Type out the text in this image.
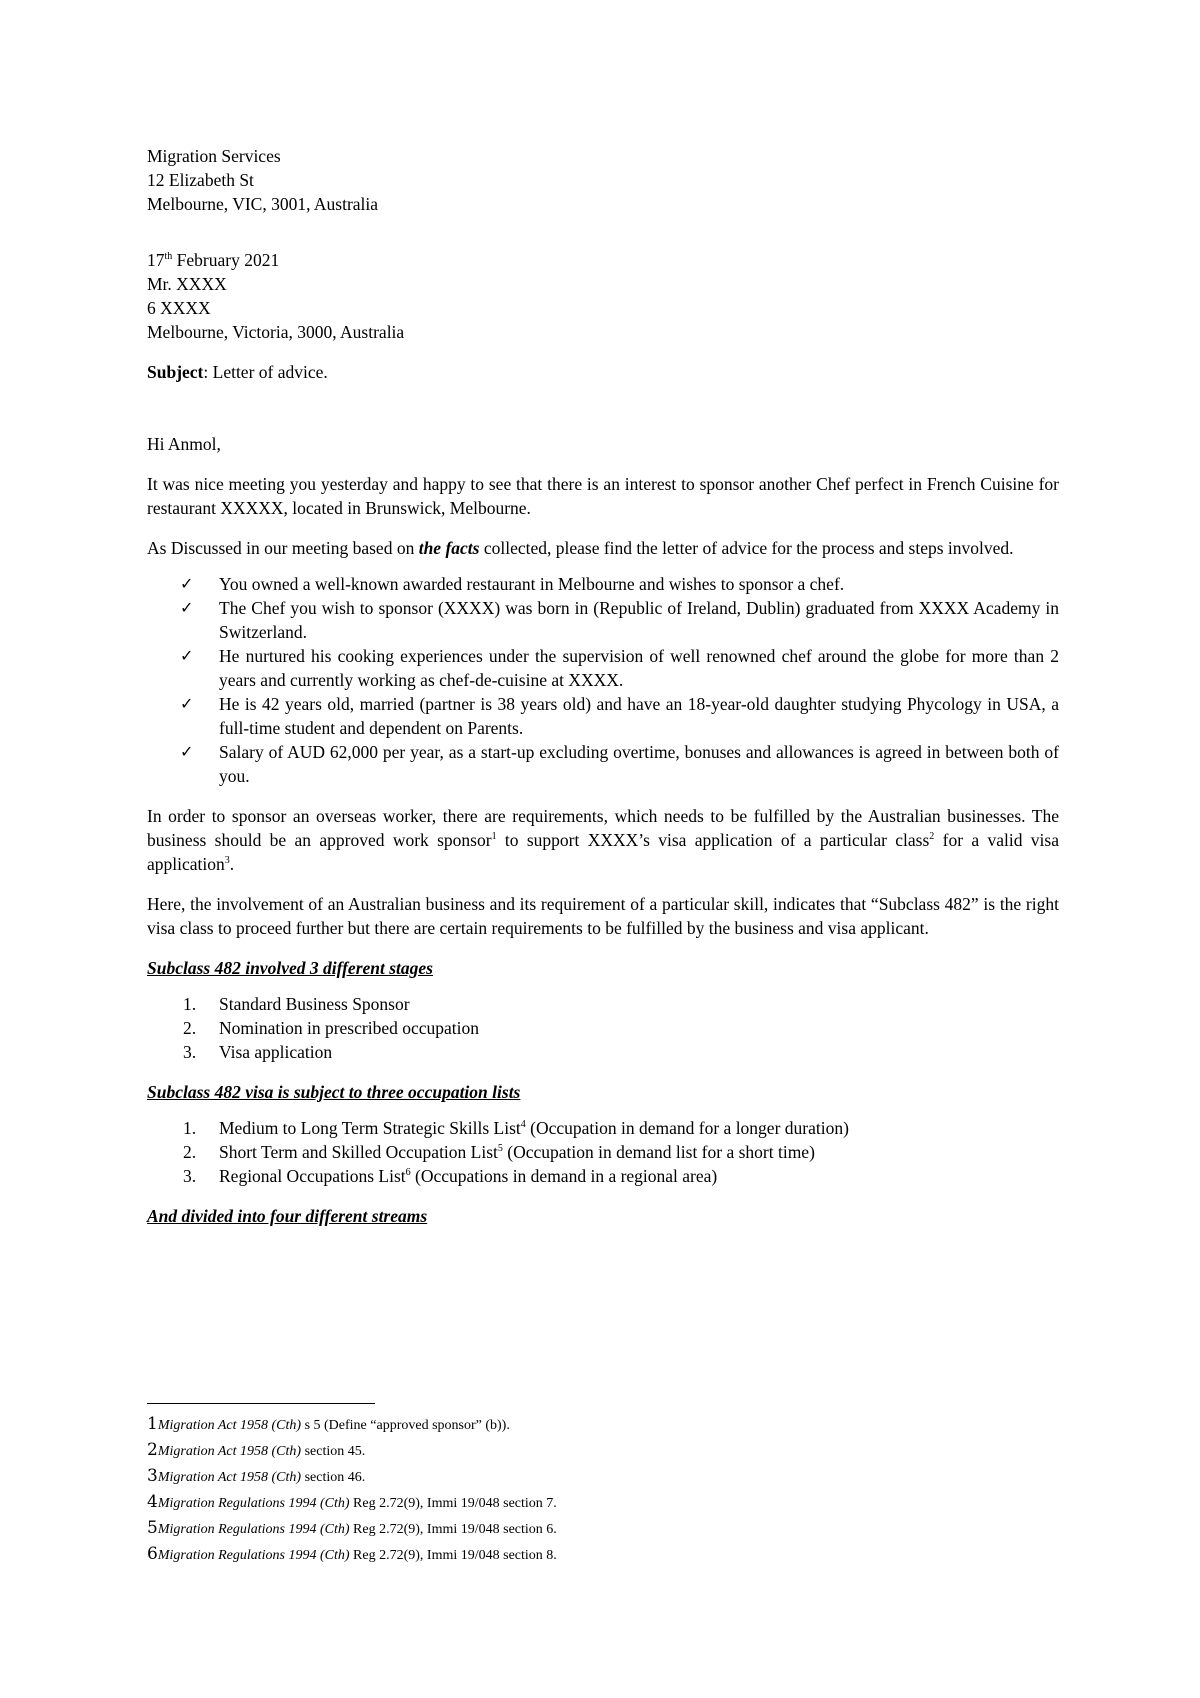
Migration Services
12 Elizabeth St
Melbourne, VIC, 3001, Australia
17th February 2021
Mr. XXXX
6 XXXX
Melbourne, Victoria, 3000, Australia
Subject: Letter of advice.
Hi Anmol,
It was nice meeting you yesterday and happy to see that there is an interest to sponsor another Chef perfect in French Cuisine for restaurant XXXXX, located in Brunswick, Melbourne.
As Discussed in our meeting based on the facts collected, please find the letter of advice for the process and steps involved.
✓ You owned a well-known awarded restaurant in Melbourne and wishes to sponsor a chef.
✓ The Chef you wish to sponsor (XXXX) was born in (Republic of Ireland, Dublin) graduated from XXXX Academy in Switzerland.
✓ He nurtured his cooking experiences under the supervision of well renowned chef around the globe for more than 2 years and currently working as chef-de-cuisine at XXXX.
✓ He is 42 years old, married (partner is 38 years old) and have an 18-year-old daughter studying Phycology in USA, a full-time student and dependent on Parents.
✓ Salary of AUD 62,000 per year, as a start-up excluding overtime, bonuses and allowances is agreed in between both of you.
In order to sponsor an overseas worker, there are requirements, which needs to be fulfilled by the Australian businesses. The business should be an approved work sponsor$^1$ to support XXXX’s visa application of a particular class$^2$ for a valid visa application$^3$.
Here, the involvement of an Australian business and its requirement of a particular skill, indicates that “Subclass 482” is the right visa class to proceed further but there are certain requirements to be fulfilled by the business and visa applicant.
Subclass 482 involved 3 different stages
1. Standard Business Sponsor
2. Nomination in prescribed occupation
3. Visa application
Subclass 482 visa is subject to three occupation lists
1. Medium to Long Term Strategic Skills List$^4$ (Occupation in demand for a longer duration)
2. Short Term and Skilled Occupation List$^5$ (Occupation in demand list for a short time)
3. Regional Occupations List$^6$ (Occupations in demand in a regional area)
And divided into four different streams
1Migration Act 1958 (Cth) s 5 (Define “approved sponsor” (b)).
2Migration Act 1958 (Cth) section 45.
3Migration Act 1958 (Cth) section 46.
4Migration Regulations 1994 (Cth) Reg 2.72(9), Immi 19/048 section 7.
5Migration Regulations 1994 (Cth) Reg 2.72(9), Immi 19/048 section 6.
6Migration Regulations 1994 (Cth) Reg 2.72(9), Immi 19/048 section 8.
